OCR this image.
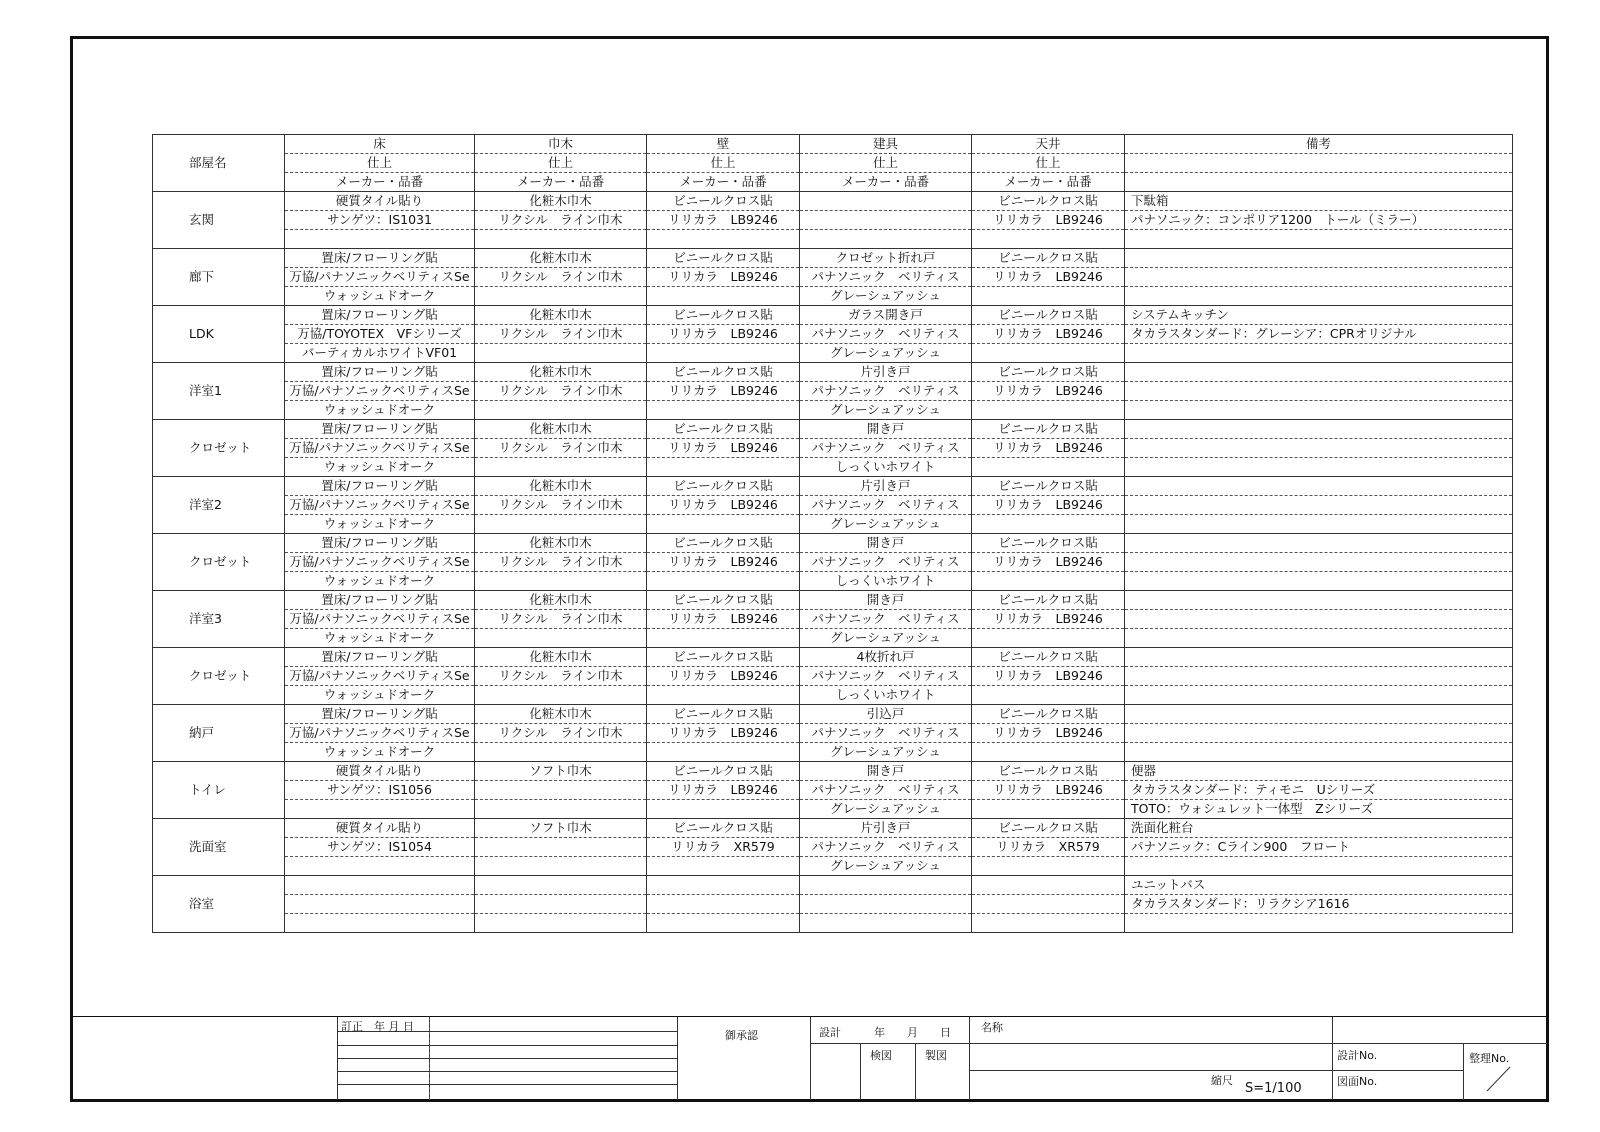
部屋名	床	巾木	壁	建具	天井	備考
	仕上	仕上	仕上	仕上	仕上	
	メーカー・品番	メーカー・品番	メーカー・品番	メーカー・品番	メーカー・品番	
玄関	硬質タイル貼り	化粧木巾木	ビニールクロス貼		ビニールクロス貼	下駄箱
	サンゲツ：IS1031	リクシル　ライン巾木	リリカラ　LB9246		リリカラ　LB9246	パナソニック：コンポリア1200　トール（ミラー）

廊下	置床/フローリング貼	化粧木巾木	ビニールクロス貼	クロゼット折れ戸	ビニールクロス貼	
	万協/パナソニックベリティスSe	リクシル　ライン巾木	リリカラ　LB9246	パナソニック　ベリティス	リリカラ　LB9246	
	ウォッシュドオーク			グレーシュアッシュ		
LDK	置床/フローリング貼	化粧木巾木	ビニールクロス貼	ガラス開き戸	ビニールクロス貼	システムキッチン
	万協/TOYOTEX　VFシリーズ	リクシル　ライン巾木	リリカラ　LB9246	パナソニック　ベリティス	リリカラ　LB9246	タカラスタンダード：グレーシア：CPRオリジナル
	バーティカルホワイトVF01			グレーシュアッシュ		
洋室1	置床/フローリング貼	化粧木巾木	ビニールクロス貼	片引き戸	ビニールクロス貼	
	万協/パナソニックベリティスSe	リクシル　ライン巾木	リリカラ　LB9246	パナソニック　ベリティス	リリカラ　LB9246	
	ウォッシュドオーク			グレーシュアッシュ		
クロゼット	置床/フローリング貼	化粧木巾木	ビニールクロス貼	開き戸	ビニールクロス貼	
	万協/パナソニックベリティスSe	リクシル　ライン巾木	リリカラ　LB9246	パナソニック　ベリティス	リリカラ　LB9246	
	ウォッシュドオーク			しっくいホワイト		
洋室2	置床/フローリング貼	化粧木巾木	ビニールクロス貼	片引き戸	ビニールクロス貼	
	万協/パナソニックベリティスSe	リクシル　ライン巾木	リリカラ　LB9246	パナソニック　ベリティス	リリカラ　LB9246	
	ウォッシュドオーク			グレーシュアッシュ		
クロゼット	置床/フローリング貼	化粧木巾木	ビニールクロス貼	開き戸	ビニールクロス貼	
	万協/パナソニックベリティスSe	リクシル　ライン巾木	リリカラ　LB9246	パナソニック　ベリティス	リリカラ　LB9246	
	ウォッシュドオーク			しっくいホワイト		
洋室3	置床/フローリング貼	化粧木巾木	ビニールクロス貼	開き戸	ビニールクロス貼	
	万協/パナソニックベリティスSe	リクシル　ライン巾木	リリカラ　LB9246	パナソニック　ベリティス	リリカラ　LB9246	
	ウォッシュドオーク			グレーシュアッシュ		
クロゼット	置床/フローリング貼	化粧木巾木	ビニールクロス貼	4枚折れ戸	ビニールクロス貼	
	万協/パナソニックベリティスSe	リクシル　ライン巾木	リリカラ　LB9246	パナソニック　ベリティス	リリカラ　LB9246	
	ウォッシュドオーク			しっくいホワイト		
納戸	置床/フローリング貼	化粧木巾木	ビニールクロス貼	引込戸	ビニールクロス貼	
	万協/パナソニックベリティスSe	リクシル　ライン巾木	リリカラ　LB9246	パナソニック　ベリティス	リリカラ　LB9246	
	ウォッシュドオーク			グレーシュアッシュ		
トイレ	硬質タイル貼り	ソフト巾木	ビニールクロス貼	開き戸	ビニールクロス貼	便器
	サンゲツ：IS1056		リリカラ　LB9246	パナソニック　ベリティス	リリカラ　LB9246	タカラスタンダード：ティモニ　Uシリーズ
				グレーシュアッシュ		TOTO：ウォシュレット一体型　Zシリーズ
洗面室	硬質タイル貼り	ソフト巾木	ビニールクロス貼	片引き戸	ビニールクロス貼	洗面化粧台
	サンゲツ：IS1054		リリカラ　XR579	パナソニック　ベリティス	リリカラ　XR579	パナソニック：Cライン900　フロート
				グレーシュアッシュ		
浴室						ユニットバス
						タカラスタンダード：リラクシア1616

訂正　年 月 日
御承認	設計　　　年　　月　　日
検図	製図
名称
縮尺
S=1/100
設計No.
図面No.
整理No.
